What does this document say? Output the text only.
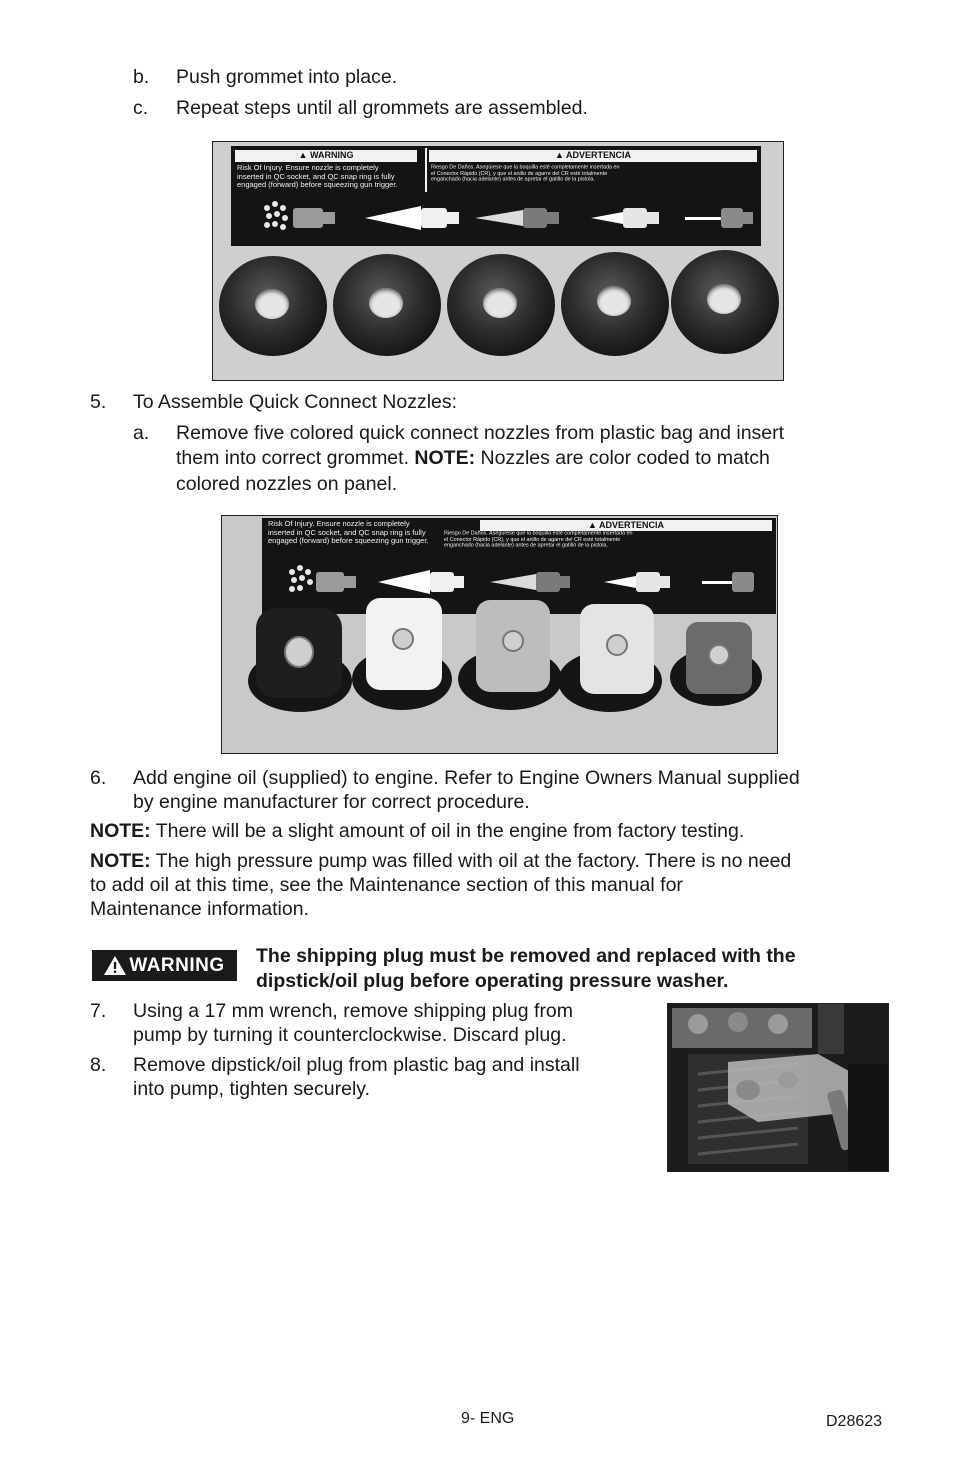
b. Push grommet into place.
c. Repeat steps until all grommets are assembled.
▲ WARNING	▲ ADVERTENCIA
Risk Of Injury. Ensure nozzle is completely
inserted in QC socket, and QC snap ring is fully
engaged (forward) before squeezing gun trigger.
Riesgo De Daños. Asegúrese que la boquilla esté completamente insertada en
el Conector Rápido (CR), y que el anillo de agarre del CR esté totalmente
enganchado (hacia adelante) antes de apretar el gatillo de la pistola.
5. To Assemble Quick Connect Nozzles:
a. Remove five colored quick connect nozzles from plastic bag and insert
them into correct grommet. NOTE: Nozzles are color coded to match
colored nozzles on panel.
▲ ADVERTENCIA
Risk Of Injury. Ensure nozzle is completely
inserted in QC socket, and QC snap ring is fully
engaged (forward) before squeezing gun trigger.
Riesgo De Daños. Asegúrese que la boquilla esté completamente insertada en
el Conector Rápido (CR), y que el anillo de agarre del CR esté totalmente
enganchado (hacia adelante) antes de apretar el gatillo de la pistola.
6. Add engine oil (supplied) to engine. Refer to Engine Owners Manual supplied
by engine manufacturer for correct procedure.
NOTE: There will be a slight amount of oil in the engine from factory testing.
NOTE: The high pressure pump was filled with oil at the factory. There is no need
to add oil at this time, see the Maintenance section of this manual for
Maintenance information.
WARNING The shipping plug must be removed and replaced with the
dipstick/oil plug before operating pressure washer.
7. Using a 17 mm wrench, remove shipping plug from
pump by turning it counterclockwise. Discard plug.
8. Remove dipstick/oil plug from plastic bag and install
into pump, tighten securely.
9- ENG	D28623
